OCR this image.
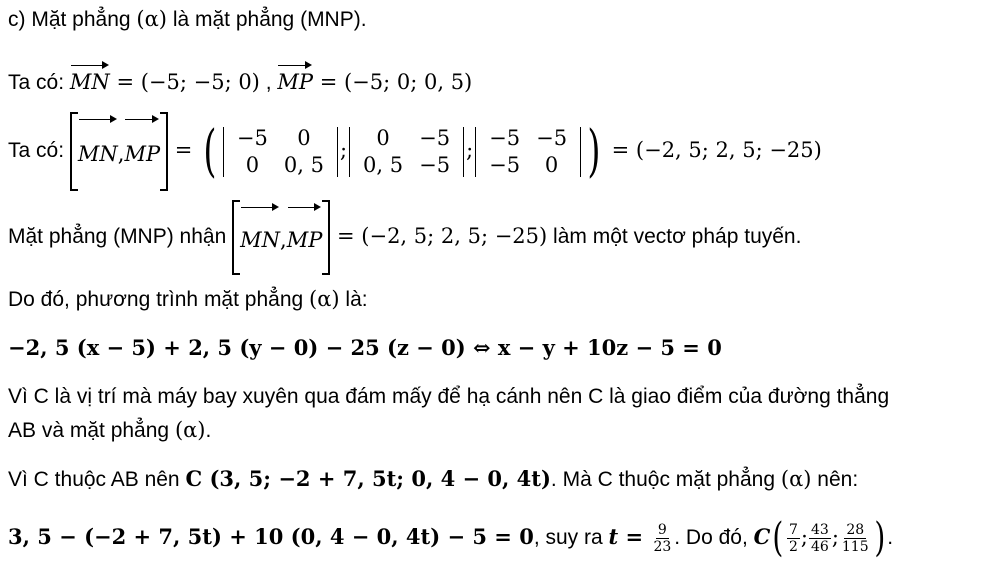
c) Mặt phẳng (α) là mặt phẳng (MNP).
Ta có: MN = (−5; −5; 0) , MP = (−5; 0; 0, 5)
Ta có: MN,MP = ( −5	0
0	0, 5
;
0	−5
0, 5	−5
;
−5	−5
−5	0 ) = (−2, 5; 2, 5; −25)
Mặt phẳng (MNP) nhận MN,MP = (−2, 5; 2, 5; −25) làm một vectơ pháp tuyến.
Do đó, phương trình mặt phẳng (α) là:
−2, 5 (x − 5) + 2, 5 (y − 0) − 25 (z − 0) ⇔ x − y + 10z − 5 = 0
Vì C là vị trí mà máy bay xuyên qua đám mấy để hạ cánh nên C là giao điểm của đường thẳng
AB và mặt phẳng (α).
Vì C thuộc AB nên C (3, 5; −2 + 7, 5t; 0, 4 − 0, 4t). Mà C thuộc mặt phẳng (α) nên:
3, 5 − (−2 + 7, 5t) + 10 (0, 4 − 0, 4t) − 5 = 0, suy ra $t = \frac{9}{23}$ . Do đó, $C( \frac{7}{2}$ ; $\frac{43}{46}$ ; $\frac{28}{115}$ ) .
